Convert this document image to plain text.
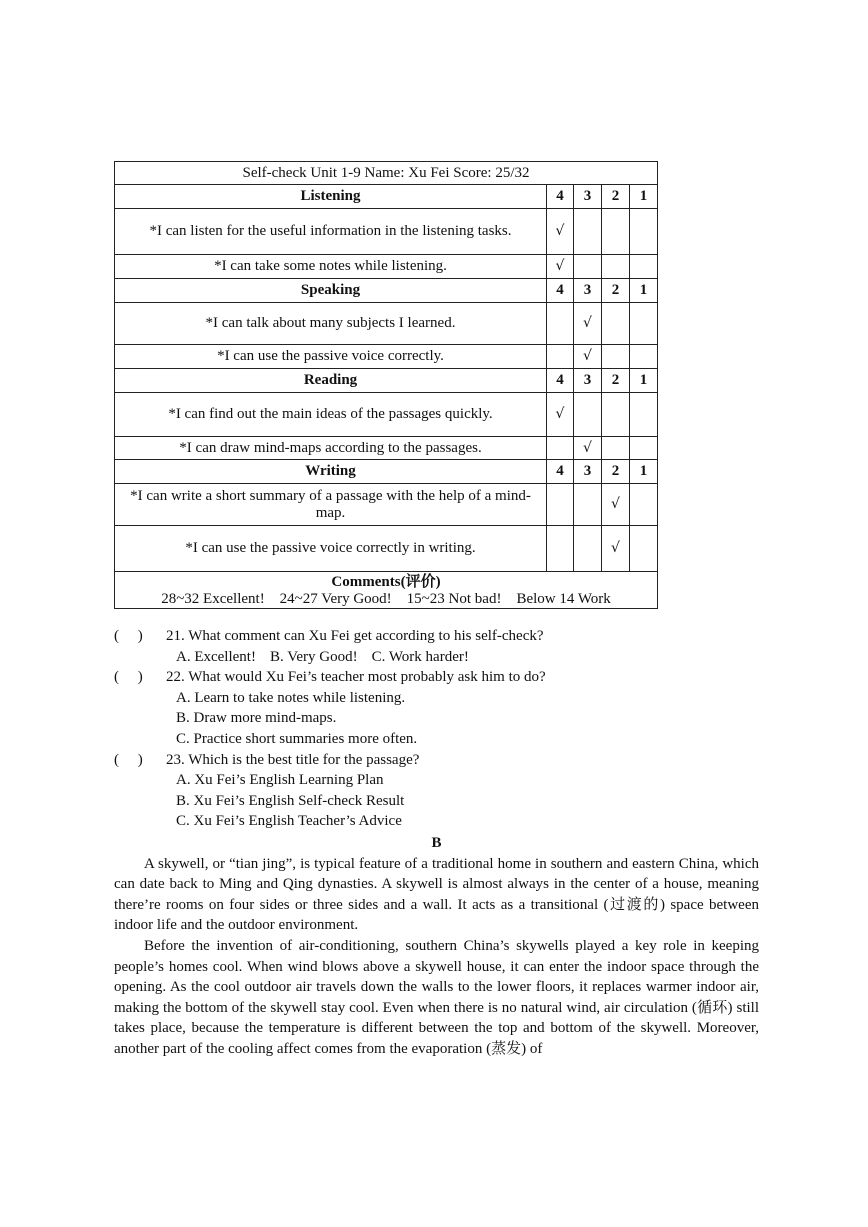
Self-check Unit 1-9 Name: Xu Fei Score: 25/32				
Listening	4	3	2	1
*I can listen for the useful information in the listening tasks.	√			
*I can take some notes while listening.	√			
Speaking	4	3	2	1
*I can talk about many subjects I learned.		√		
*I can use the passive voice correctly.		√		
Reading	4	3	2	1
*I can find out the main ideas of the passages quickly.	√			
*I can draw mind-maps according to the passages.		√		
Writing	4	3	2	1
*I can write a short summary of a passage with the help of a mind-map.			√	
*I can use the passive voice correctly in writing.			√	

Comments(评价)
28~32 Excellent!    24~27 Very Good!    15~23 Not bad!    Below 14 Work				
(     ) 21. What comment can Xu Fei get according to his self-check?
A. Excellent! B. Very Good! C. Work harder!
(     ) 22. What would Xu Fei’s teacher most probably ask him to do?
A. Learn to take notes while listening.
B. Draw more mind-maps.
C. Practice short summaries more often.
(     ) 23. Which is the best title for the passage?
A. Xu Fei’s English Learning Plan
B. Xu Fei’s English Self-check Result
C. Xu Fei’s English Teacher’s Advice
B

A skywell, or “tian jing”, is typical feature of a traditional home in southern and eastern China, which can date back to Ming and Qing dynasties. A skywell is almost always in the center of a house, meaning there’re rooms on four sides or three sides and a wall. It acts as a transitional (过渡的) space between indoor life and the outdoor environment.

Before the invention of air-conditioning, southern China’s skywells played a key role in keeping people’s homes cool. When wind blows above a skywell house, it can enter the indoor space through the opening. As the cool outdoor air travels down the walls to the lower floors, it replaces warmer indoor air, making the bottom of the skywell stay cool. Even when there is no natural wind, air circulation (循环) still takes place, because the temperature is different between the top and bottom of the skywell. Moreover, another part of the cooling affect comes from the evaporation (蒸发) of
